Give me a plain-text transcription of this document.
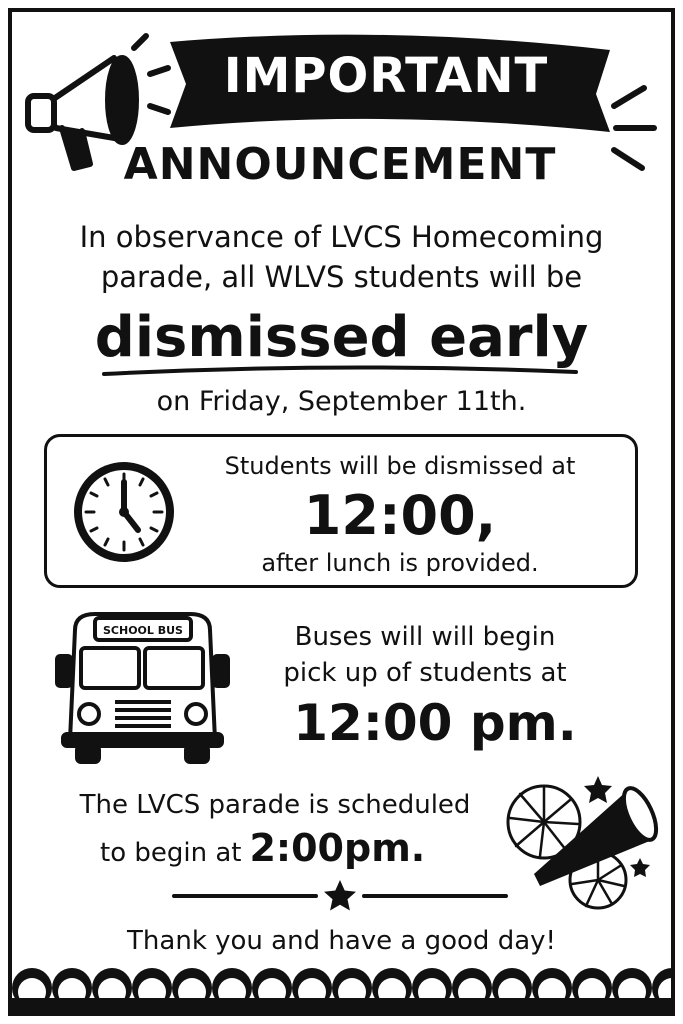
IMPORTANT
ANNOUNCEMENT
In observance of LVCS Homecoming
parade, all WLVS students will be
dismissed early
on Friday, September 11th.
Students will be dismissed at
12:00,
after lunch is provided.
SCHOOL BUS	Buses will will begin
pick up of students at
12:00 pm.
The LVCS parade is scheduled
to begin at 2:00pm.
Thank you and have a good day!
